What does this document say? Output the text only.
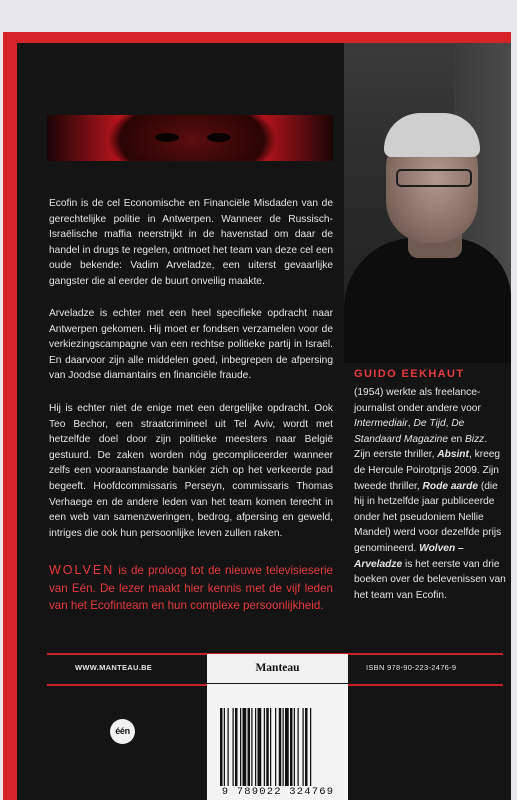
Ecofin is de cel Economische en Financiële Misdaden van de gerechtelijke politie in Antwerpen. Wanneer de Russisch-Israëlische maffia neerstrijkt in de havenstad om daar de handel in drugs te regelen, ontmoet het team van deze cel een oude bekende: Vadim Arveladze, een uiterst gevaarlijke gangster die al eerder de buurt onveilig maakte.

Arveladze is echter met een heel specifieke opdracht naar Antwerpen gekomen. Hij moet er fondsen verzamelen voor de verkiezingscampagne van een rechtse politieke partij in Israël. En daarvoor zijn alle middelen goed, inbegrepen de afpersing van Joodse diamantairs en financiële fraude.

Hij is echter niet de enige met een dergelijke opdracht. Ook Teo Bechor, een straatcrimineel uit Tel Aviv, wordt met hetzelfde doel door zijn politieke meesters naar België gestuurd. De zaken worden nóg gecompliceerder wanneer zelfs een vooraanstaande bankier zich op het verkeerde pad begeeft. Hoofdcommissaris Perseyn, commissaris Thomas Verhaege en de andere leden van het team komen terecht in een web van samenzweringen, bedrog, afpersing en geweld, intriges die ook hun persoonlijke leven zullen raken.

WOLVEN is de proloog tot de nieuwe televisieserie van Eén. De lezer maakt hier kennis met de vijf leden van het Ecofinteam en hun complexe persoonlijkheid.

GUIDO EEKHAUT

(1954) werkte als freelance-journalist onder andere voor Intermediair, De Tijd, De Standaard Magazine en Bizz. Zijn eerste thriller, Absint, kreeg de Hercule Poirotprijs 2009. Zijn tweede thriller, Rode aarde (die hij in hetzelfde jaar publiceerde onder het pseudoniem Nellie Mandel) werd voor dezelfde prijs genomineerd. Wolven – Arveladze is het eerste van drie boeken over de belevenissen van het team van Ecofin.

WWW.MANTEAU.BE	Manteau	ISBN 978-90-223-2476-9
9 789022 324769
één
